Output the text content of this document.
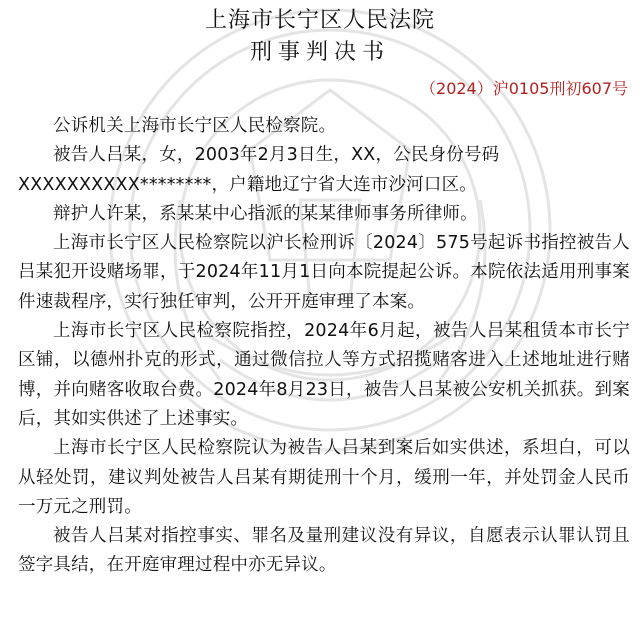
上海市长宁区人民法院
刑事判决书
（2024）沪0105刑初607号

公诉机关上海市长宁区人民检察院。

被告人吕某，女，2003年2月3日生，XX，公民身份号码

XXXXXXXXXX********，户籍地辽宁省大连市沙河口区。

辩护人许某，系某某中心指派的某某律师事务所律师。

上海市长宁区人民检察院以沪长检刑诉〔2024〕575号起诉书指控被告人吕某犯开设赌场罪，于2024年11月1日向本院提起公诉。本院依法适用刑事案件速裁程序，实行独任审判，公开开庭审理了本案。

上海市长宁区人民检察院指控，2024年6月起，被告人吕某租赁本市长宁区铺，以德州扑克的形式，通过微信拉人等方式招揽赌客进入上述地址进行赌博，并向赌客收取台费。2024年8月23日，被告人吕某被公安机关抓获。到案后，其如实供述了上述事实。

上海市长宁区人民检察院认为被告人吕某到案后如实供述，系坦白，可以从轻处罚，建议判处被告人吕某有期徒刑十个月，缓刑一年，并处罚金人民币一万元之刑罚。

被告人吕某对指控事实、罪名及量刑建议没有异议，自愿表示认罪认罚且签字具结，在开庭审理过程中亦无异议。
